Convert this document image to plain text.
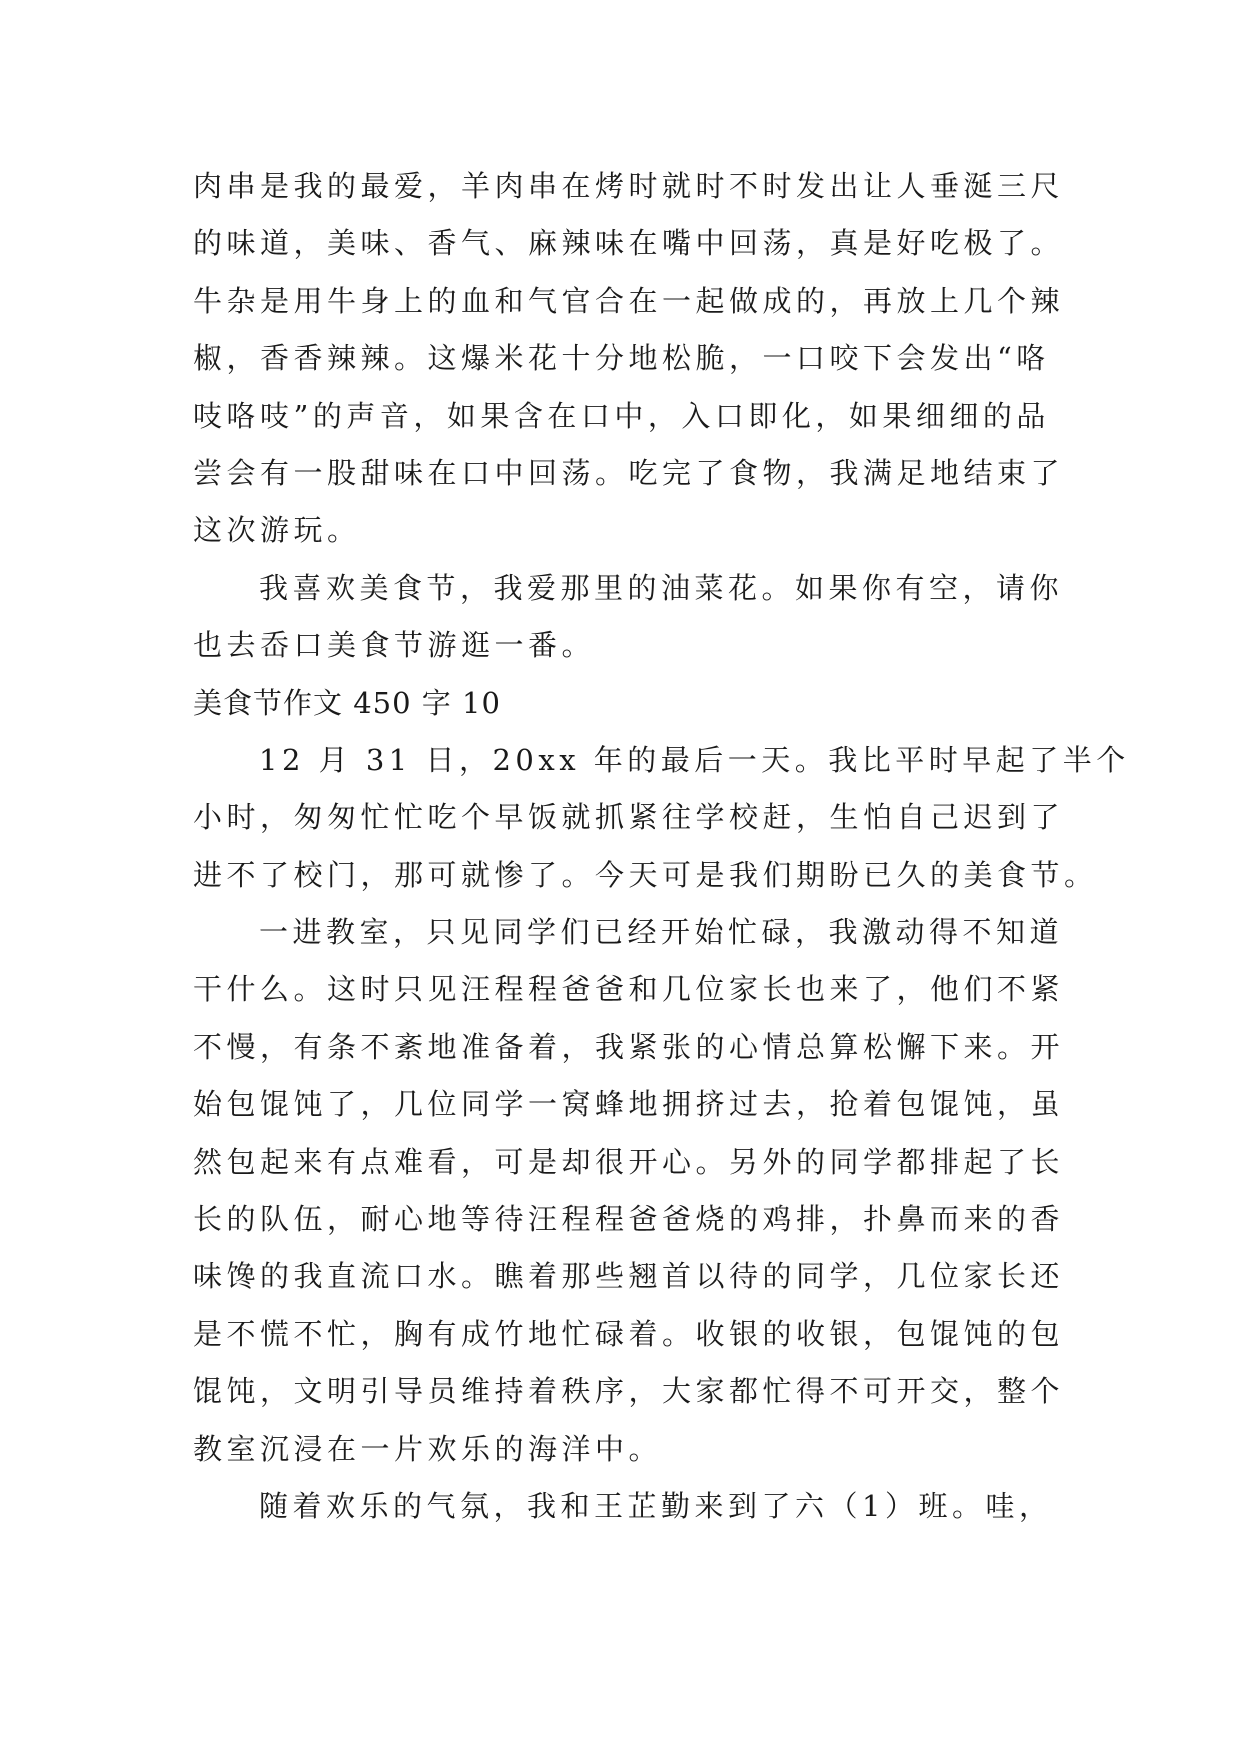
肉串是我的最爱，羊肉串在烤时就时不时发出让人垂涎三尺
的味道，美味、香气、麻辣味在嘴中回荡，真是好吃极了。
牛杂是用牛身上的血和气官合在一起做成的，再放上几个辣
椒，香香辣辣。这爆米花十分地松脆，一口咬下会发出“咯
吱咯吱”的声音，如果含在口中，入口即化，如果细细的品
尝会有一股甜味在口中回荡。吃完了食物，我满足地结束了
这次游玩。
我喜欢美食节，我爱那里的油菜花。如果你有空，请你
也去岙口美食节游逛一番。
美食节作文 450 字 10
12 月 31 日，20xx 年的最后一天。我比平时早起了半个
小时，匆匆忙忙吃个早饭就抓紧往学校赶，生怕自己迟到了
进不了校门，那可就惨了。今天可是我们期盼已久的美食节。
一进教室，只见同学们已经开始忙碌，我激动得不知道
干什么。这时只见汪程程爸爸和几位家长也来了，他们不紧
不慢，有条不紊地准备着，我紧张的心情总算松懈下来。开
始包馄饨了，几位同学一窝蜂地拥挤过去，抢着包馄饨，虽
然包起来有点难看，可是却很开心。另外的同学都排起了长
长的队伍，耐心地等待汪程程爸爸烧的鸡排，扑鼻而来的香
味馋的我直流口水。瞧着那些翘首以待的同学，几位家长还
是不慌不忙，胸有成竹地忙碌着。收银的收银，包馄饨的包
馄饨，文明引导员维持着秩序，大家都忙得不可开交，整个
教室沉浸在一片欢乐的海洋中。
随着欢乐的气氛，我和王芷勤来到了六（1）班。哇，
